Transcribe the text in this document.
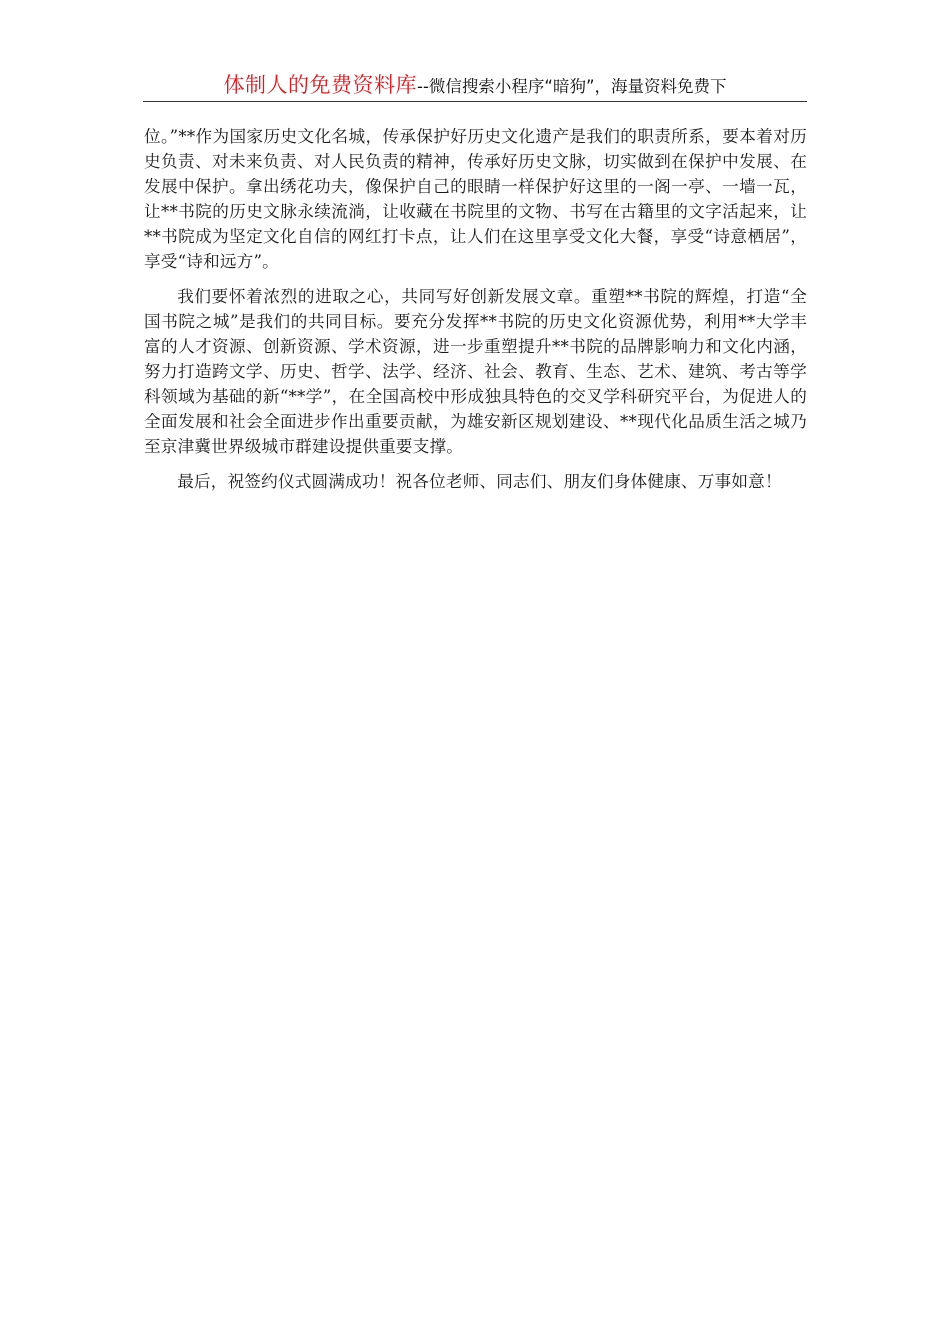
体制人的免费资料库--微信搜索小程序“暗狗”，海量资料免费下

位。”**作为国家历史文化名城，传承保护好历史文化遗产是我们的职责所系，要本着对历史负责、对未来负责、对人民负责的精神，传承好历史文脉，切实做到在保护中发展、在发展中保护。拿出绣花功夫，像保护自己的眼睛一样保护好这里的一阁一亭、一墙一瓦，让**书院的历史文脉永续流淌，让收藏在书院里的文物、书写在古籍里的文字活起来，让**书院成为坚定文化自信的网红打卡点，让人们在这里享受文化大餐，享受“诗意栖居”，享受“诗和远方”。

我们要怀着浓烈的进取之心，共同写好创新发展文章。重塑**书院的辉煌，打造“全国书院之城”是我们的共同目标。要充分发挥**书院的历史文化资源优势，利用**大学丰富的人才资源、创新资源、学术资源，进一步重塑提升**书院的品牌影响力和文化内涵，努力打造跨文学、历史、哲学、法学、经济、社会、教育、生态、艺术、建筑、考古等学科领域为基础的新“**学”，在全国高校中形成独具特色的交叉学科研究平台，为促进人的全面发展和社会全面进步作出重要贡献，为雄安新区规划建设、**现代化品质生活之城乃至京津冀世界级城市群建设提供重要支撑。

最后，祝签约仪式圆满成功！祝各位老师、同志们、朋友们身体健康、万事如意！
